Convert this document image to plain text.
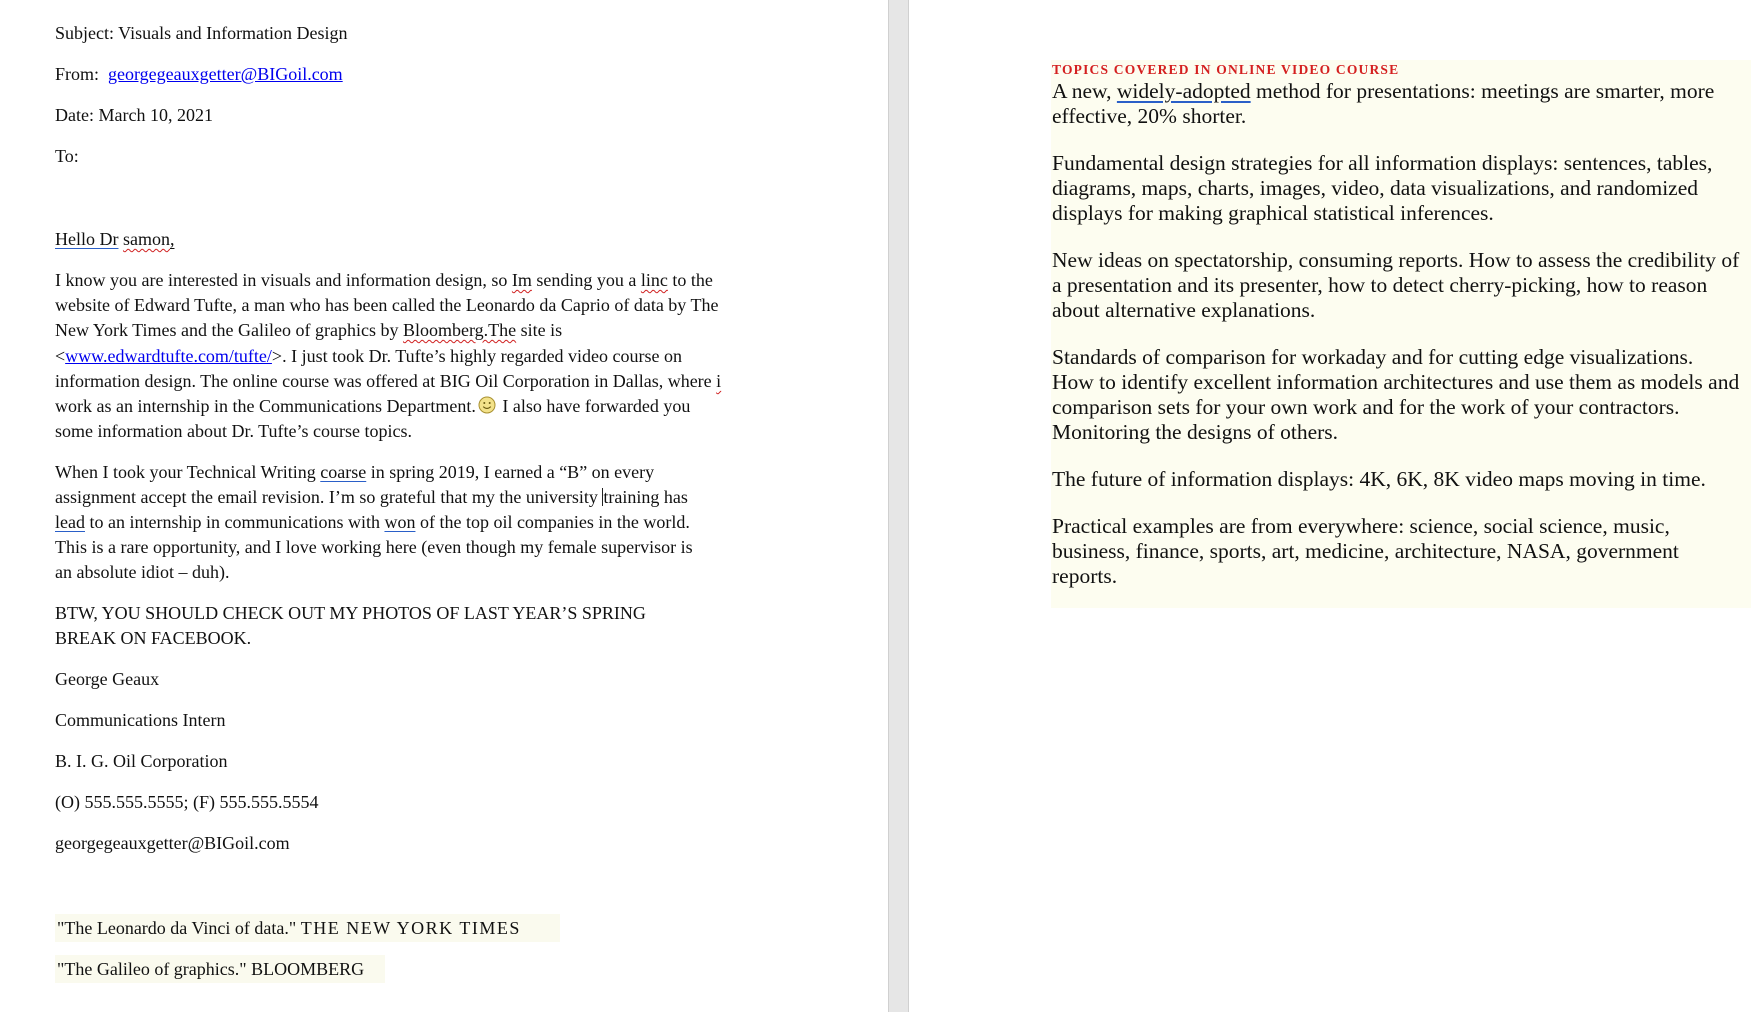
Subject: Visuals and Information Design
From: georgegeauxgetter@BIGoil.com
Date: March 10, 2021
To:
Hello Dr samon,
I know you are interested in visuals and information design, so Im sending you a linc to the
website of Edward Tufte, a man who has been called the Leonardo da Caprio of data by The
New York Times and the Galileo of graphics by Bloomberg.The site is
<www.edwardtufte.com/tufte/>. I just took Dr. Tufte’s highly regarded video course on
information design. The online course was offered at BIG Oil Corporation in Dallas, where i
work as an internship in the Communications Department. I also have forwarded you
some information about Dr. Tufte’s course topics.
When I took your Technical Writing coarse in spring 2019, I earned a “B” on every
assignment accept the email revision. I’m so grateful that my the university training has
lead to an internship in communications with won of the top oil companies in the world.
This is a rare opportunity, and I love working here (even though my female supervisor is
an absolute idiot – duh).
BTW, YOU SHOULD CHECK OUT MY PHOTOS OF LAST YEAR’S SPRING
BREAK ON FACEBOOK.
George Geaux
Communications Intern
B. I. G. Oil Corporation
(O) 555.555.5555; (F) 555.555.5554
georgegeauxgetter@BIGoil.com
"The Leonardo da Vinci of data." THE NEW YORK TIMES
"The Galileo of graphics." BLOOMBERG
TOPICS COVERED IN ONLINE VIDEO COURSE
A new, widely-adopted method for presentations: meetings are smarter, more
effective, 20% shorter.
Fundamental design strategies for all information displays: sentences, tables,
diagrams, maps, charts, images, video, data visualizations, and randomized
displays for making graphical statistical inferences.
New ideas on spectatorship, consuming reports. How to assess the credibility of
a presentation and its presenter, how to detect cherry-picking, how to reason
about alternative explanations.
Standards of comparison for workaday and for cutting edge visualizations.
How to identify excellent information architectures and use them as models and
comparison sets for your own work and for the work of your contractors.
Monitoring the designs of others.
The future of information displays: 4K, 6K, 8K video maps moving in time.
Practical examples are from everywhere: science, social science, music,
business, finance, sports, art, medicine, architecture, NASA, government
reports.
